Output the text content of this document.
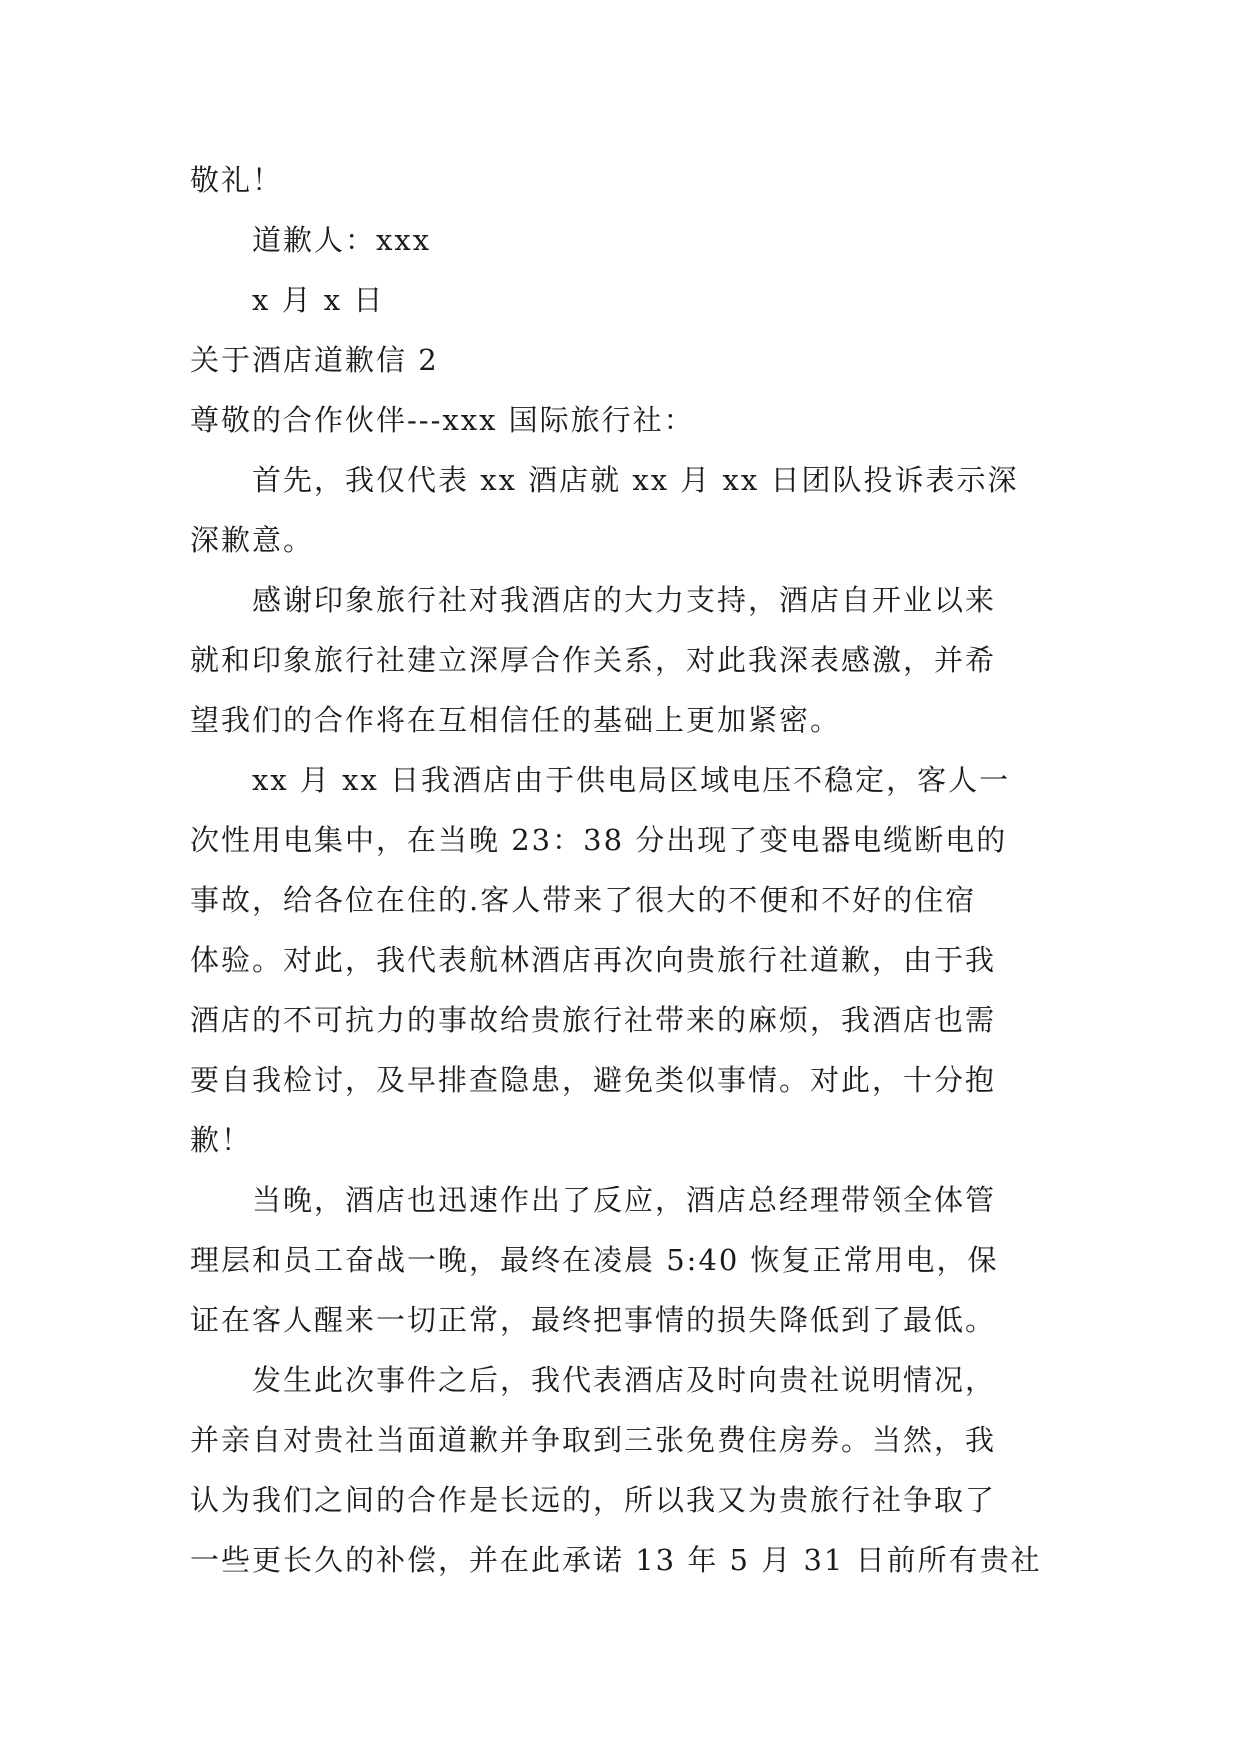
敬礼！
道歉人：xxx
x 月 x 日
关于酒店道歉信 2
尊敬的合作伙伴---xxx 国际旅行社：
首先，我仅代表 xx 酒店就 xx 月 xx 日团队投诉表示深
深歉意。
感谢印象旅行社对我酒店的大力支持，酒店自开业以来
就和印象旅行社建立深厚合作关系，对此我深表感激，并希
望我们的合作将在互相信任的基础上更加紧密。
xx 月 xx 日我酒店由于供电局区域电压不稳定，客人一
次性用电集中，在当晚 23：38 分出现了变电器电缆断电的
事故，给各位在住的.客人带来了很大的不便和不好的住宿
体验。对此，我代表航林酒店再次向贵旅行社道歉，由于我
酒店的不可抗力的事故给贵旅行社带来的麻烦，我酒店也需
要自我检讨，及早排查隐患，避免类似事情。对此，十分抱
歉！
当晚，酒店也迅速作出了反应，酒店总经理带领全体管
理层和员工奋战一晚，最终在凌晨 5:40 恢复正常用电，保
证在客人醒来一切正常，最终把事情的损失降低到了最低。
发生此次事件之后，我代表酒店及时向贵社说明情况，
并亲自对贵社当面道歉并争取到三张免费住房券。当然，我
认为我们之间的合作是长远的，所以我又为贵旅行社争取了
一些更长久的补偿，并在此承诺 13 年 5 月 31 日前所有贵社
